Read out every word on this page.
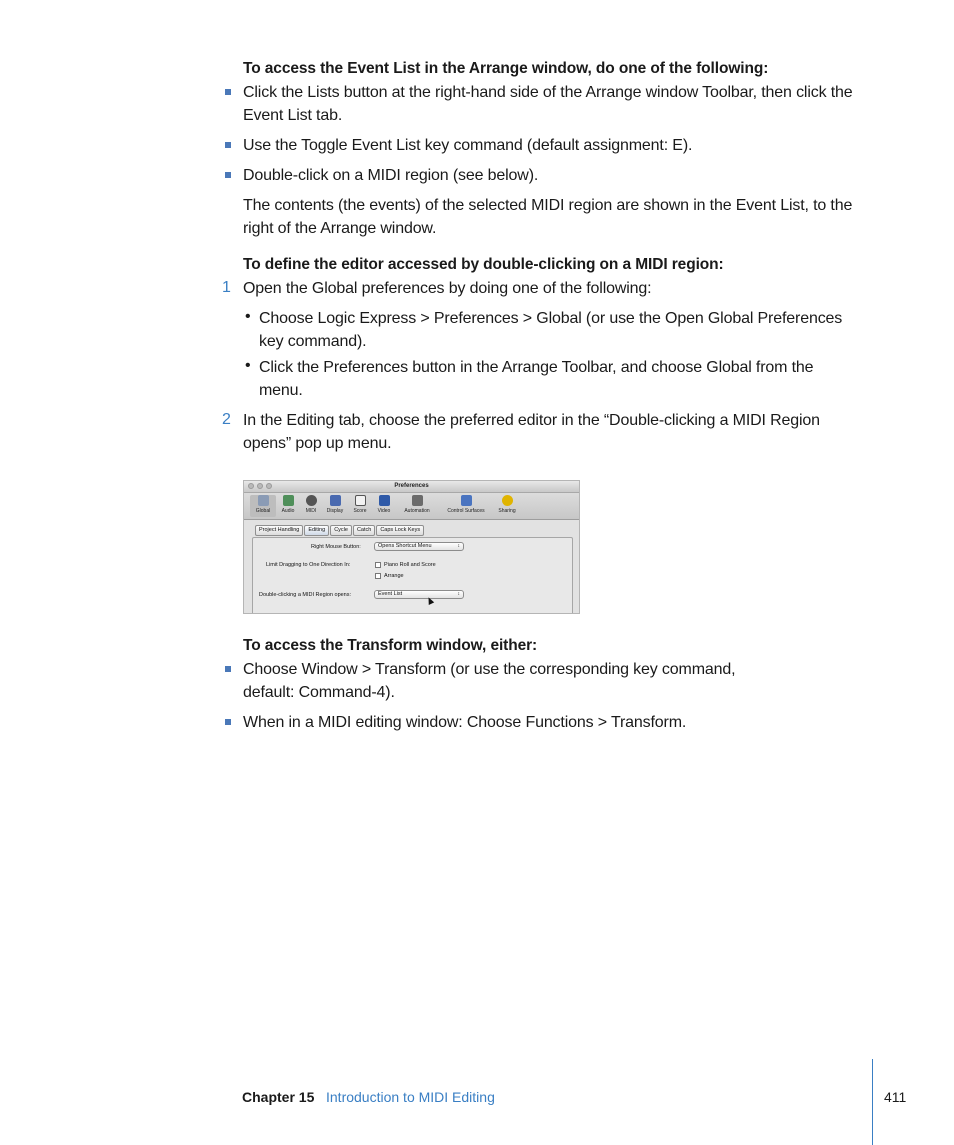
To access the Event List in the Arrange window, do one of the following:
Click the Lists button at the right-hand side of the Arrange window Toolbar, then click the Event List tab.
Use the Toggle Event List key command (default assignment: E).
Double-click on a MIDI region (see below).
The contents (the events) of the selected MIDI region are shown in the Event List, to the right of the Arrange window.
To define the editor accessed by double-clicking on a MIDI region:
1 Open the Global preferences by doing one of the following:
• Choose Logic Express > Preferences > Global (or use the Open Global Preferences key command).
• Click the Preferences button in the Arrange Toolbar, and choose Global from the menu.
2 In the Editing tab, choose the preferred editor in the “Double-clicking a MIDI Region opens” pop up menu.
Preferences
Global	Audio	MIDI	Display	Score	Video	Automation	Control Surfaces	Sharing
Project Handling	Editing	Cycle	Catch	Caps Lock Keys
Right Mouse Button:	Opens Shortcut Menu	↕
Limit Dragging to One Direction In:	Piano Roll and Score
Arrange
Double-clicking a MIDI Region opens:	Event List	↕
To access the Transform window, either:
Choose Window > Transform (or use the corresponding key command, default: Command-4).
When in a MIDI editing window: Choose Functions > Transform.
Chapter 15 Introduction to MIDI Editing	411
